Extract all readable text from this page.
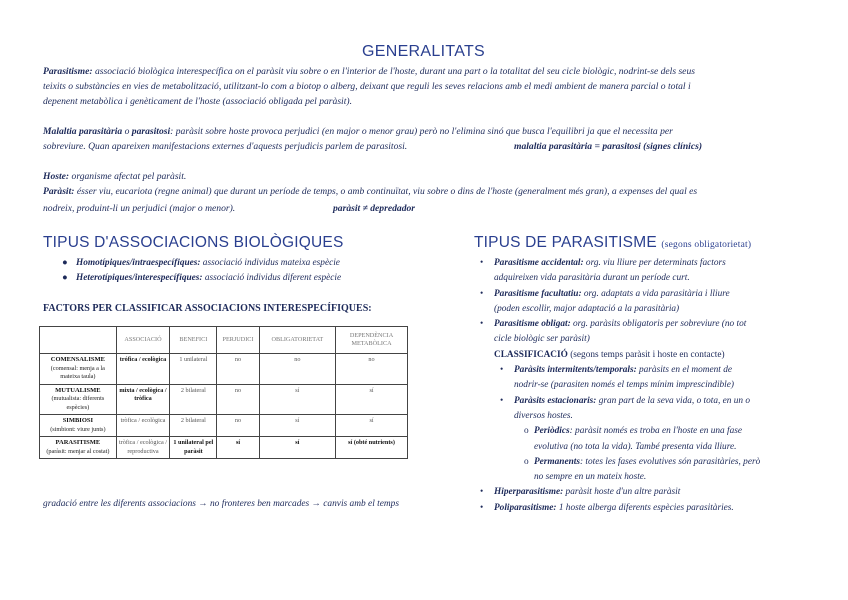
GENERALITATS
Parasitisme: associació biològica interespecífica on el paràsit viu sobre o en l'interior de l'hoste, durant una part o la totalitat del seu cicle biològic, nodrint-se dels seus
teixits o substàncies en vies de metabolització, utilitzant-lo com a biotop o alberg, deixant que reguli les seves relacions amb el medi ambient de manera parcial o total i
depenent metabòlica i genèticament de l'hoste (associació obligada pel paràsit).
Malaltia parasitària o parasitosi: paràsit sobre hoste provoca perjudici (en major o menor grau) però no l'elimina sinó que busca l'equilibri ja que el necessita per
sobreviure. Quan apareixen manifestacions externes d'aquests perjudicis parlem de parasitosi.	malaltia parasitària = parasitosi (signes clínics)
Hoste: organisme afectat pel paràsit.
Paràsit: ésser viu, eucariota (regne animal) que durant un període de temps, o amb continuïtat, viu sobre o dins de l'hoste (generalment més gran), a expenses del qual es
nodreix, produint-li un perjudici (major o menor).	paràsit ≠ depredador
TIPUS D'ASSOCIACIONS BIOLÒGIQUES
● Homotípiques/intraespecífiques: associació individus mateixa espècie
● Heterotípiques/interespecífiques: associació individus diferent espècie
FACTORS PER CLASSIFICAR ASSOCIACIONS INTERESPECÍFIQUES:
	ASSOCIACIÓ	BENEFICI	PERJUDICI	OBLIGATORIETAT	DEPENDÈNCIA METABÒLICA

COMENSALISME
(comensal: menja a la mateixa taula)	trófica / ecològica	1 unilateral	no	no	no

MUTUALISME
(mutualista: diferents espècies)	mixta / ecològica / tròfica	2 bilateral	no	sí	sí

SIMBIOSI
(simbiont: viure junts)	tròfica / ecològica	2 bilateral	no	sí	sí

PARASITISME
(paràsit: menjar al costat)	tròfica / ecològica / reproductiva	1 unilateral pel paràsit	sí	sí	sí (obté nutrients)
gradació entre les diferents associacions → no fronteres ben marcades → canvis amb el temps
TIPUS DE PARASITISME (segons obligatorietat)
• Parasitisme accidental: org. viu lliure per determinats factors
adquireixen vida parasitària durant un període curt.
• Parasitisme facultatiu: org. adaptats a vida parasitària i lliure
(poden escollir, major adaptació a la parasitària)
• Parasitisme obligat: org. paràsits obligatoris per sobreviure (no tot
cicle biològic ser paràsit)
CLASSIFICACIÓ (segons temps paràsit i hoste en contacte)
• Paràsits intermitents/temporals: paràsits en el moment de
nodrir-se (parasiten només el temps mínim imprescindible)
• Paràsits estacionaris: gran part de la seva vida, o tota, en un o
diversos hostes.
o Periòdics: paràsit només es troba en l'hoste en una fase
evolutiva (no tota la vida). També presenta vida lliure.
o Permanents: totes les fases evolutives són parasitàries, però
no sempre en un mateix hoste.
• Hiperparasitisme: paràsit hoste d'un altre paràsit
• Poliparasitisme: 1 hoste alberga diferents espècies parasitàries.
